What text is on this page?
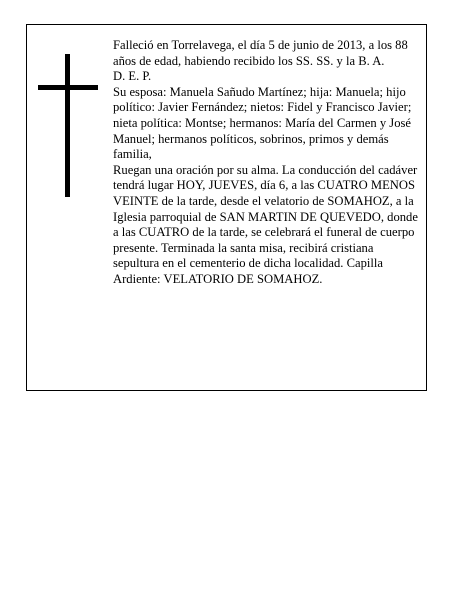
Falleció en Torrelavega, el día 5 de junio de 2013, a los 88 años de edad, habiendo recibido los SS. SS. y la B. A.

D. E. P.

Su esposa: Manuela Sañudo Martínez; hija: Manuela; hijo político: Javier Fernández; nietos: Fidel y Francisco Javier; nieta política: Montse; hermanos: María del Carmen y José Manuel; hermanos políticos, sobrinos, primos y demás familia,

Ruegan una oración por su alma. La conducción del cadáver tendrá lugar HOY, JUEVES, día 6, a las CUATRO MENOS VEINTE de la tarde, desde el velatorio de SOMAHOZ, a la Iglesia parroquial de SAN MARTIN DE QUEVEDO, donde a las CUATRO de la tarde, se celebrará el funeral de cuerpo presente. Terminada la santa misa, recibirá cristiana sepultura en el cementerio de dicha localidad. Capilla Ardiente: VELATORIO DE SOMAHOZ.
